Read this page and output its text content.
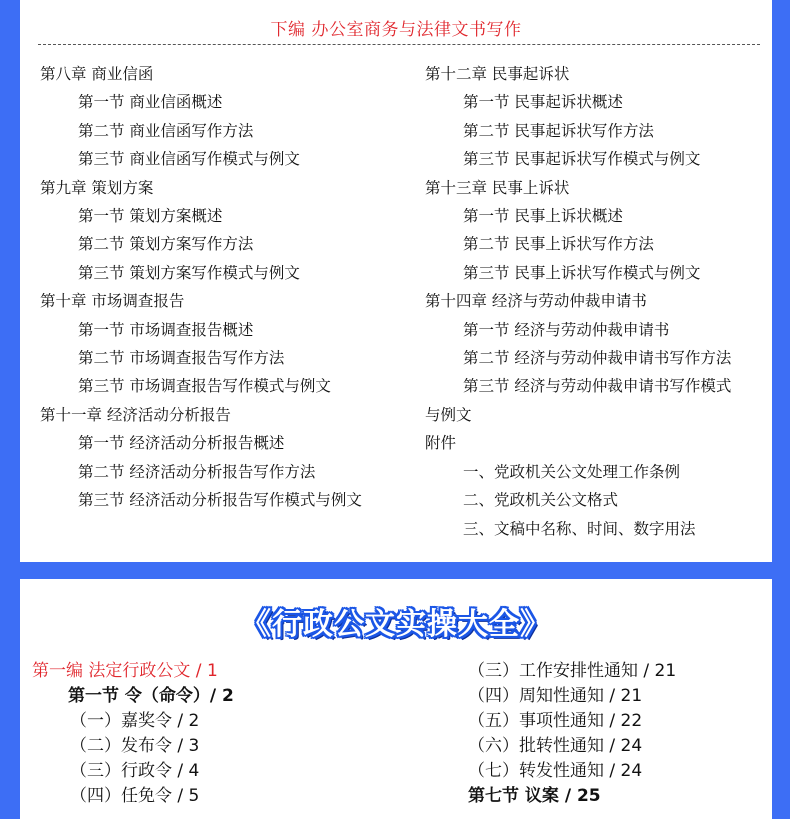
下编 办公室商务与法律文书写作
第八章 商业信函
第一节 商业信函概述
第二节 商业信函写作方法
第三节 商业信函写作模式与例文
第九章 策划方案
第一节 策划方案概述
第二节 策划方案写作方法
第三节 策划方案写作模式与例文
第十章 市场调查报告
第一节 市场调查报告概述
第二节 市场调查报告写作方法
第三节 市场调查报告写作模式与例文
第十一章 经济活动分析报告
第一节 经济活动分析报告概述
第二节 经济活动分析报告写作方法
第三节 经济活动分析报告写作模式与例文
第十二章 民事起诉状
第一节 民事起诉状概述
第二节 民事起诉状写作方法
第三节 民事起诉状写作模式与例文
第十三章 民事上诉状
第一节 民事上诉状概述
第二节 民事上诉状写作方法
第三节 民事上诉状写作模式与例文
第十四章 经济与劳动仲裁申请书
第一节 经济与劳动仲裁申请书
第二节 经济与劳动仲裁申请书写作方法
第三节 经济与劳动仲裁申请书写作模式
与例文
附件
一、党政机关公文处理工作条例
二、党政机关公文格式
三、文稿中名称、时间、数字用法
《行政公文实操大全》
第一编 法定行政公文 / 1
第一节 令（命令）/ 2
（一）嘉奖令 / 2
（二）发布令 / 3
（三）行政令 / 4
（四）任免令 / 5
（三）工作安排性通知 / 21
（四）周知性通知 / 21
（五）事项性通知 / 22
（六）批转性通知 / 24
（七）转发性通知 / 24
第七节 议案 / 25
